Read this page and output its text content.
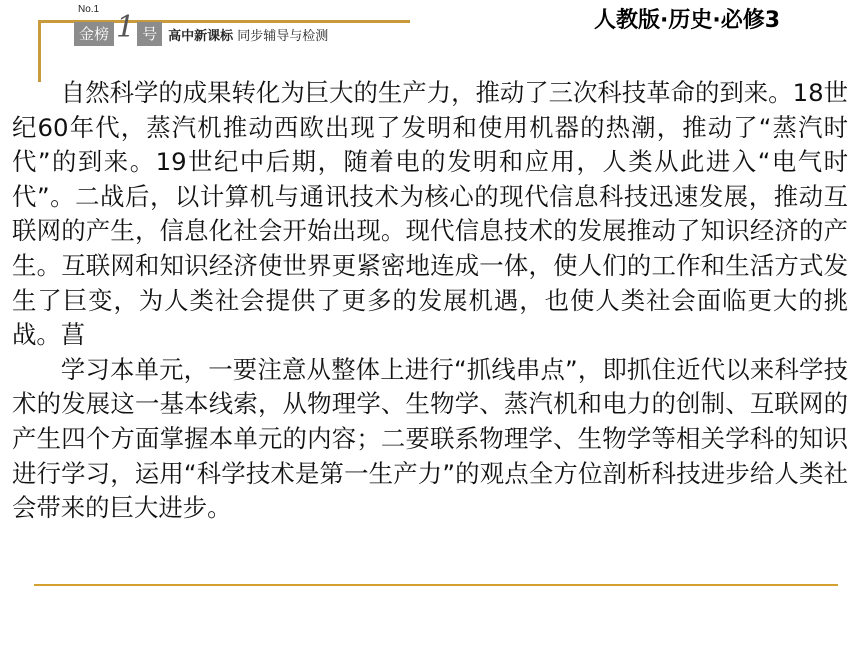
No.1
金榜 1 号 高中新课标 同步辅导与检测
人教版·历史·必修3

自然科学的成果转化为巨大的生产力，推动了三次科技革命的到来。18世纪60年代，蒸汽机推动西欧出现了发明和使用机器的热潮，推动了“蒸汽时代”的到来。19世纪中后期，随着电的发明和应用，人类从此进入“电气时代”。二战后，以计算机与通讯技术为核心的现代信息科技迅速发展，推动互联网的产生，信息化社会开始出现。现代信息技术的发展推动了知识经济的产生。互联网和知识经济使世界更紧密地连成一体，使人们的工作和生活方式发生了巨变，为人类社会提供了更多的发展机遇，也使人类社会面临更大的挑战。菖

学习本单元，一要注意从整体上进行“抓线串点”，即抓住近代以来科学技术的发展这一基本线索，从物理学、生物学、蒸汽机和电力的创制、互联网的产生四个方面掌握本单元的内容；二要联系物理学、生物学等相关学科的知识进行学习，运用“科学技术是第一生产力”的观点全方位剖析科技进步给人类社会带来的巨大进步。
